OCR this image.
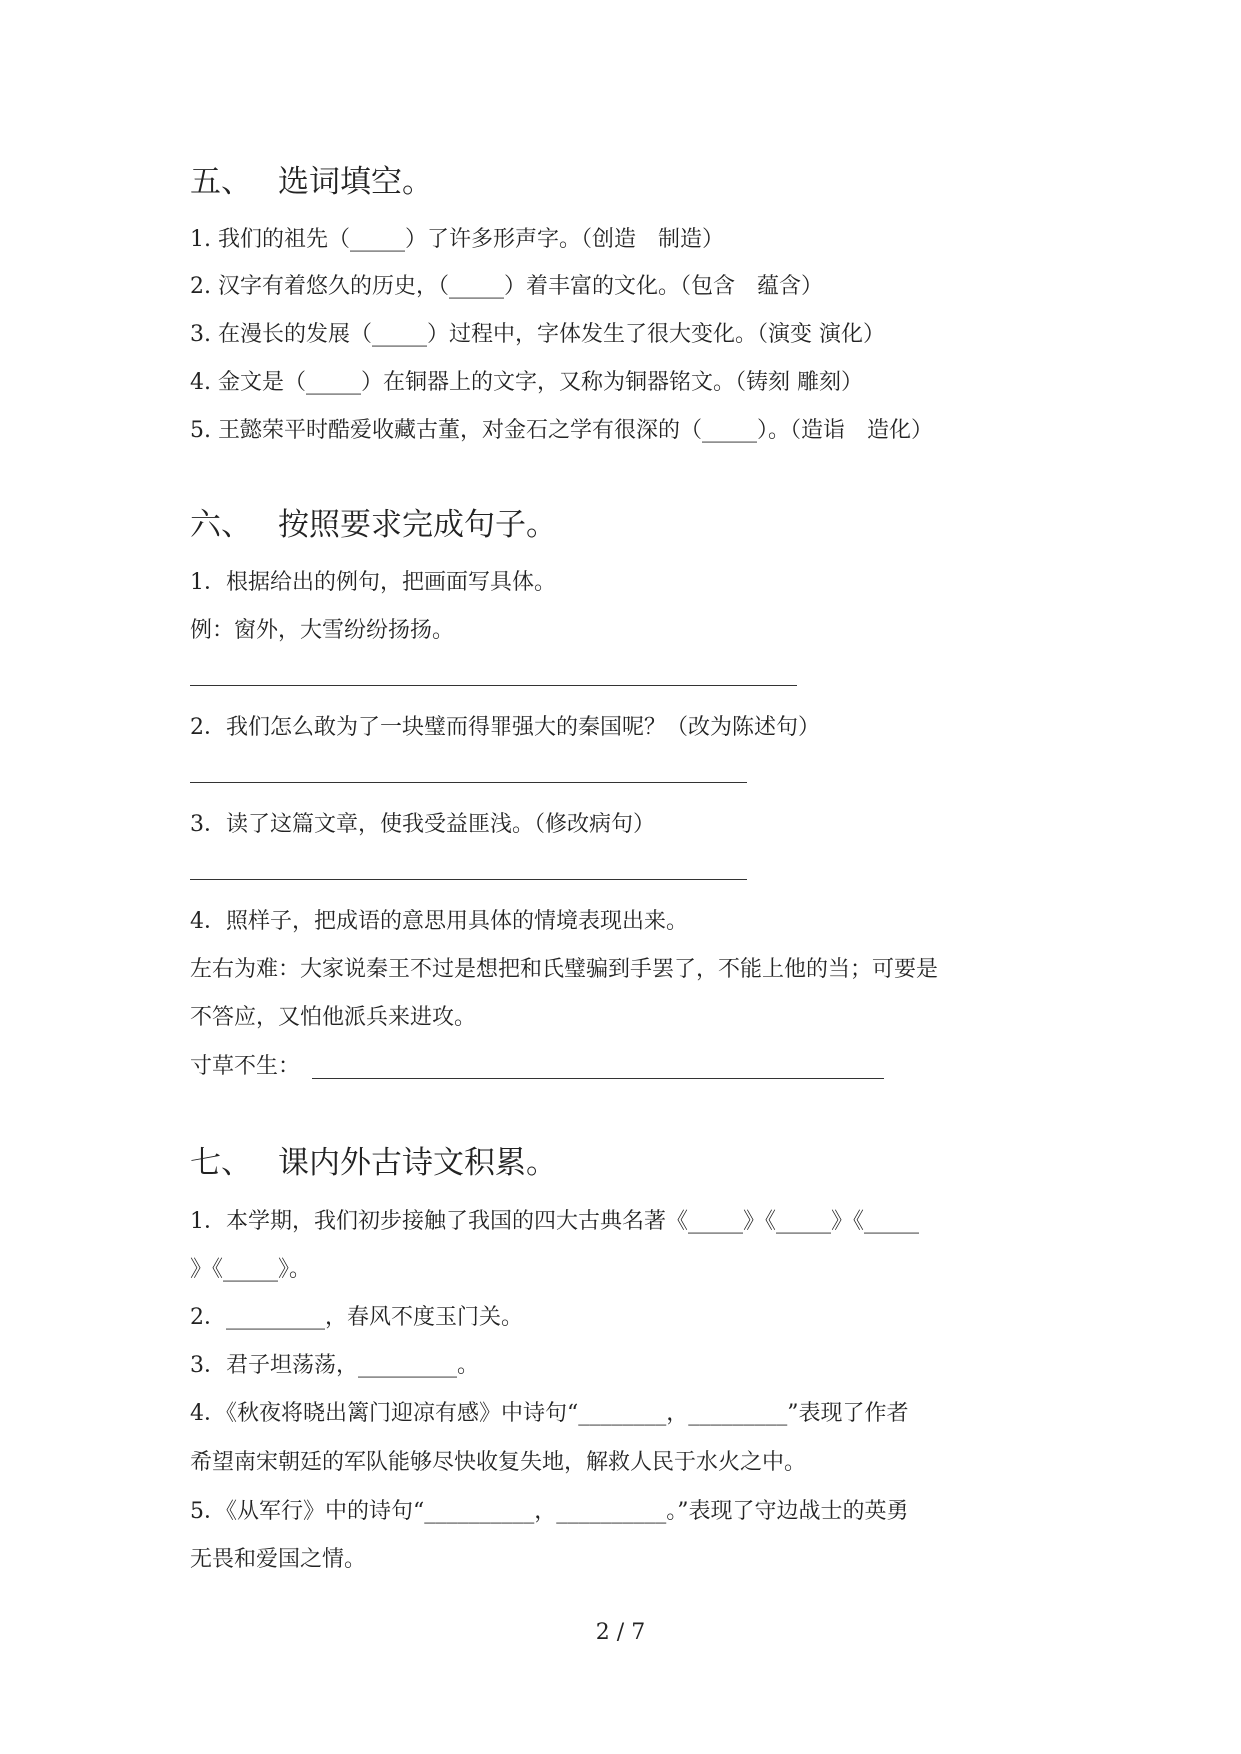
五、 选词填空。
1. 我们的祖先（_____）了许多形声字。（创造　制造）
2. 汉字有着悠久的历史，（_____）着丰富的文化。（包含　蕴含）
3. 在漫长的发展（_____）过程中，字体发生了很大变化。（演变 演化）
4. 金文是（_____）在铜器上的文字，又称为铜器铭文。（铸刻 雕刻）
5. 王懿荣平时酷爱收藏古董，对金石之学有很深的（_____）。（造诣　造化）
六、 按照要求完成句子。
1．根据给出的例句，把画面写具体。
例：窗外，大雪纷纷扬扬。
2．我们怎么敢为了一块璧而得罪强大的秦国呢？（改为陈述句）
3．读了这篇文章，使我受益匪浅。（修改病句）
4．照样子，把成语的意思用具体的情境表现出来。
左右为难：大家说秦王不过是想把和氏璧骗到手罢了，不能上他的当；可要是
不答应，又怕他派兵来进攻。
寸草不生：
七、 课内外古诗文积累。
1．本学期，我们初步接触了我国的四大古典名著《_____》《_____》《_____
》《_____》。
2．_________，春风不度玉门关。
3．君子坦荡荡，_________。
4．《秋夜将晓出篱门迎凉有感》中诗句“________，_________”表现了作者
希望南宋朝廷的军队能够尽快收复失地，解救人民于水火之中。
5．《从军行》中的诗句“__________，__________。”表现了守边战士的英勇
无畏和爱国之情。
2 / 7
